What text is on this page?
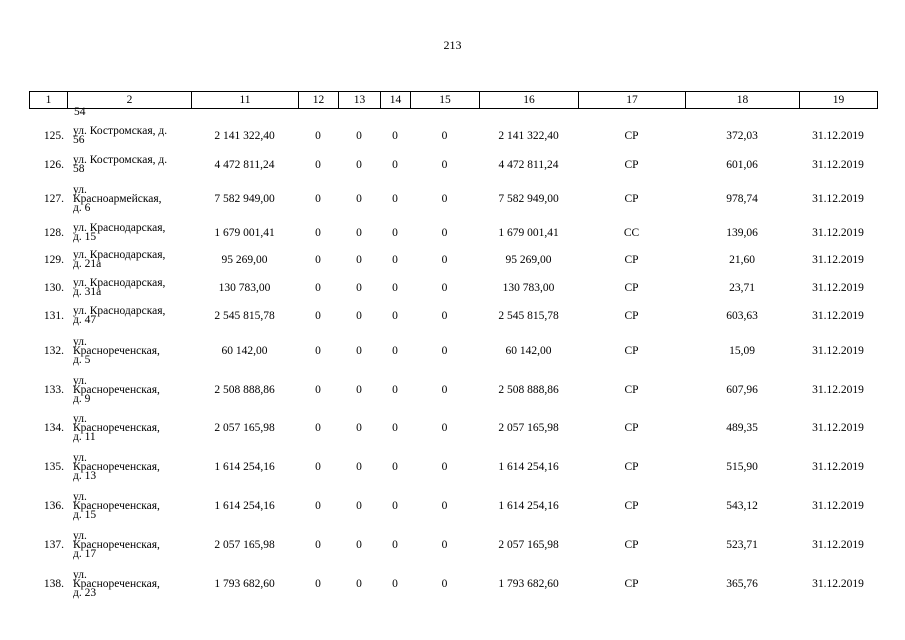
213
1	2	11	12	13	14	15	16	17	18	19
54

125.	ул. Костромская, д.
56	2 141 322,40	0	0	0	0	2 141 322,40	СР	372,03	31.12.2019
126.	ул. Костромская, д.
58	4 472 811,24	0	0	0	0	4 472 811,24	СР	601,06	31.12.2019
127.	ул.
Красноармейская,
д. 6	7 582 949,00	0	0	0	0	7 582 949,00	СР	978,74	31.12.2019
128.	ул. Краснодарская,
д. 15	1 679 001,41	0	0	0	0	1 679 001,41	СС	139,06	31.12.2019
129.	ул. Краснодарская,
д. 21а	95 269,00	0	0	0	0	95 269,00	СР	21,60	31.12.2019
130.	ул. Краснодарская,
д. 31а	130 783,00	0	0	0	0	130 783,00	СР	23,71	31.12.2019
131.	ул. Краснодарская,
д. 47	2 545 815,78	0	0	0	0	2 545 815,78	СР	603,63	31.12.2019
132.	ул.
Краснореченская,
д. 5	60 142,00	0	0	0	0	60 142,00	СР	15,09	31.12.2019
133.	ул.
Краснореченская,
д. 9	2 508 888,86	0	0	0	0	2 508 888,86	СР	607,96	31.12.2019
134.	ул.
Краснореченская,
д. 11	2 057 165,98	0	0	0	0	2 057 165,98	СР	489,35	31.12.2019
135.	ул.
Краснореченская,
д. 13	1 614 254,16	0	0	0	0	1 614 254,16	СР	515,90	31.12.2019
136.	ул.
Краснореченская,
д. 15	1 614 254,16	0	0	0	0	1 614 254,16	СР	543,12	31.12.2019
137.	ул.
Краснореченская,
д. 17	2 057 165,98	0	0	0	0	2 057 165,98	СР	523,71	31.12.2019
138.	ул.
Краснореченская,
д. 23	1 793 682,60	0	0	0	0	1 793 682,60	СР	365,76	31.12.2019
